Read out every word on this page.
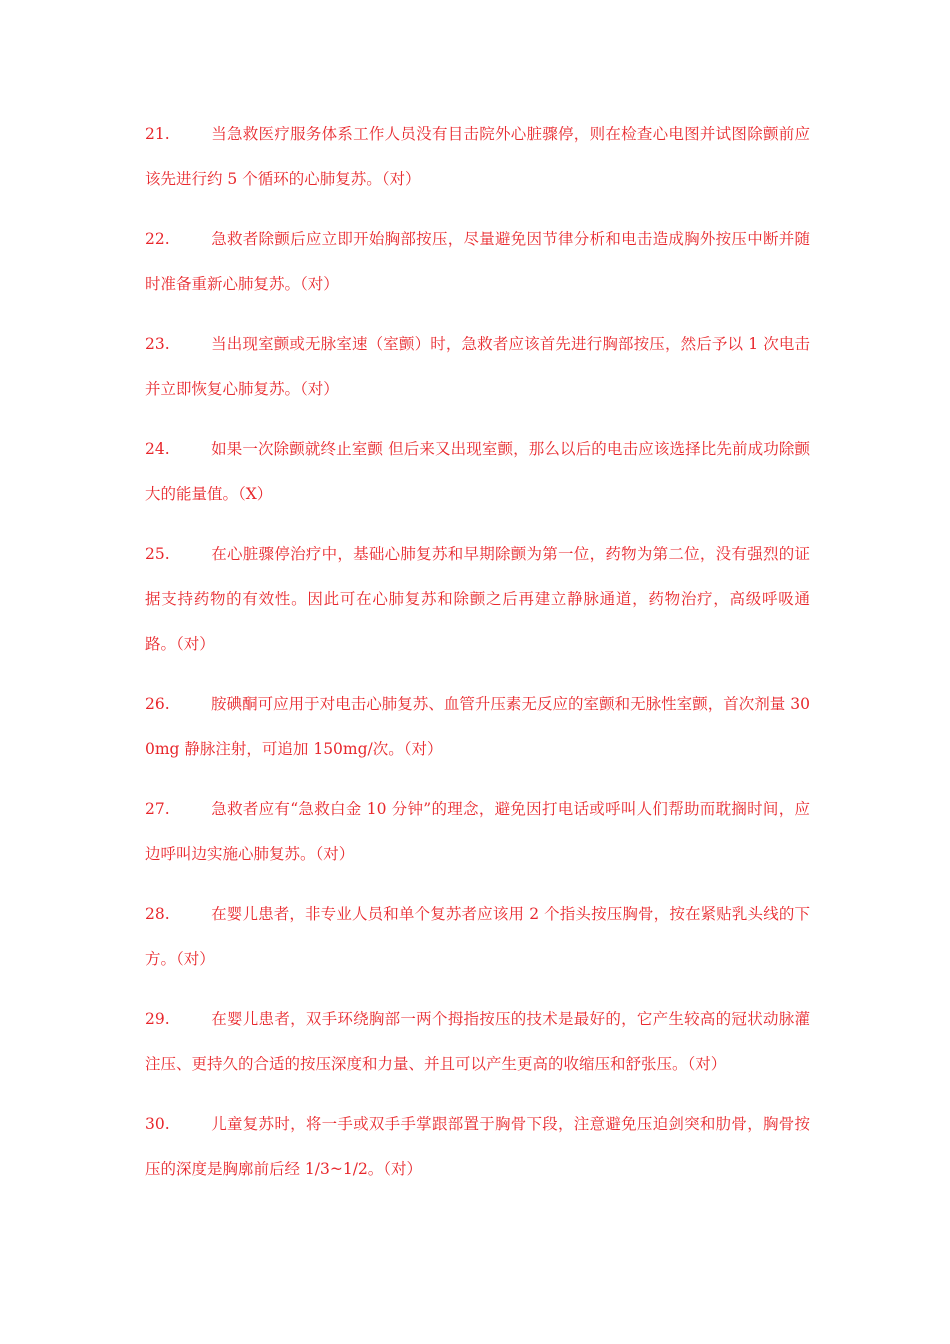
21.	当急救医疗服务体系工作人员没有目击院外心脏骤停，则在检查心电图并试图除颤前应该先进行约 5 个循环的心肺复苏。（对）

22.	急救者除颤后应立即开始胸部按压，尽量避免因节律分析和电击造成胸外按压中断并随时准备重新心肺复苏。（对）

23.	当出现室颤或无脉室速（室颤）时，急救者应该首先进行胸部按压，然后予以 1 次电击并立即恢复心肺复苏。（对）

24.	如果一次除颤就终止室颤 但后来又出现室颤，那么以后的电击应该选择比先前成功除颤大的能量值。（X）

25.	在心脏骤停治疗中，基础心肺复苏和早期除颤为第一位，药物为第二位，没有强烈的证据支持药物的有效性。因此可在心肺复苏和除颤之后再建立静脉通道，药物治疗，高级呼吸通路。（对）

26.	胺碘酮可应用于对电击心肺复苏、血管升压素无反应的室颤和无脉性室颤，首次剂量 300mg 静脉注射，可追加 150mg/次。（对）

27.	急救者应有“急救白金 10 分钟”的理念，避免因打电话或呼叫人们帮助而耽搁时间，应边呼叫边实施心肺复苏。（对）

28.	在婴儿患者，非专业人员和单个复苏者应该用 2 个指头按压胸骨，按在紧贴乳头线的下方。（对）

29.	在婴儿患者，双手环绕胸部一两个拇指按压的技术是最好的，它产生较高的冠状动脉灌注压、更持久的合适的按压深度和力量、并且可以产生更高的收缩压和舒张压。（对）

30.	儿童复苏时，将一手或双手手掌跟部置于胸骨下段，注意避免压迫剑突和肋骨，胸骨按压的深度是胸廓前后经 1/3~1/2。（对）
